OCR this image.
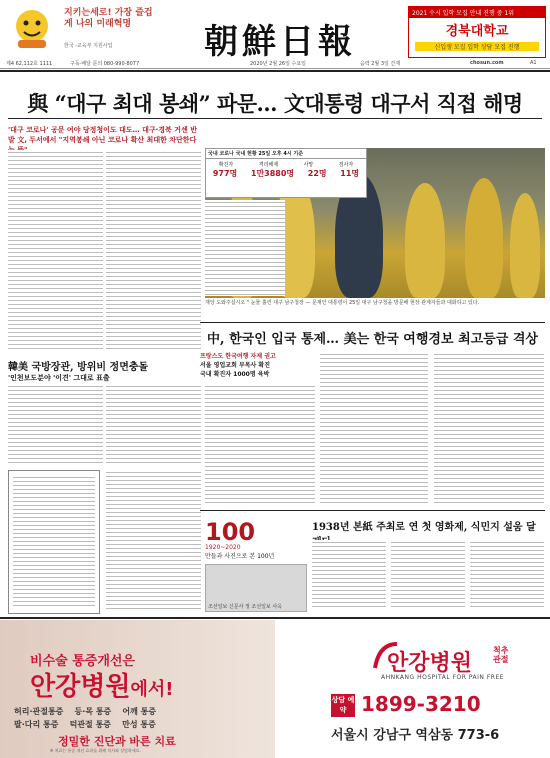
지키는세로! 가장 즐겁게 나의 미래혁명
한국 -교육부 지원사업	朝鮮日報
2021 수시 입학 모집 안내 진행 중 1위
경북대학교
신입생 모집 입학 상담 모집 진행
제4 62,112호 1111	구독·배달 문의 080-990-8077	2020년 2월 26일 수요일	음력 2월 3일 간재	chosun.com	A1
與 “대구 최대 봉쇄” 파문… 文대통령 대구서 직접 해명
'대구 코로나' 공문 여야 당정청이도 대도… 대구·경북 거센 반발 文, 두서에서 "지역봉쇄 아닌 코로나 확산 최대한 차단한다
韓美 국방장관, 방위비 정면충돌
'인천보도분야 '이견' 그대로 표출
국내 코로나 국내 현황 25일 오후 4시 기준
확진자	격리해제	사망	검사자
977명 1만3880명 22명 11명
재앙 도와주십시오 " 눈물 흘린 대구 남구청장 — 문재인 대통령이 25일 대구 남구청을 방문해 현장 관계자들과 대화하고 있다.
中, 한국인 입국 통제… 美는 한국 여행경보 최고등급 격상
프랑스도 한국여행 자제 권고
서울 영업교회 부목사 확진
국내 확진자 1000명 육박
100
1920~2020
만들과 사진으로 본 100년
조선일보 신문사 정 조선일보 사옥
1938년 본紙 주최로 연 첫 영화제, 식민지 설움 달
비수술 통증개선은
안강병원에서!
허리·관절통증    등·목 통증    어깨 통증
팔·다리 통증    턱관절 통증    만성 통증
정밀한 진단과 바른 치료
※ 치료는 통증 개선 효과를 위해 의사와 상담하세요.
안강병원
척추 관절
AHNKANG HOSPITAL FOR PAIN FREE
상담 예약 1899-3210
서울시 강남구 역삼동 773-6
